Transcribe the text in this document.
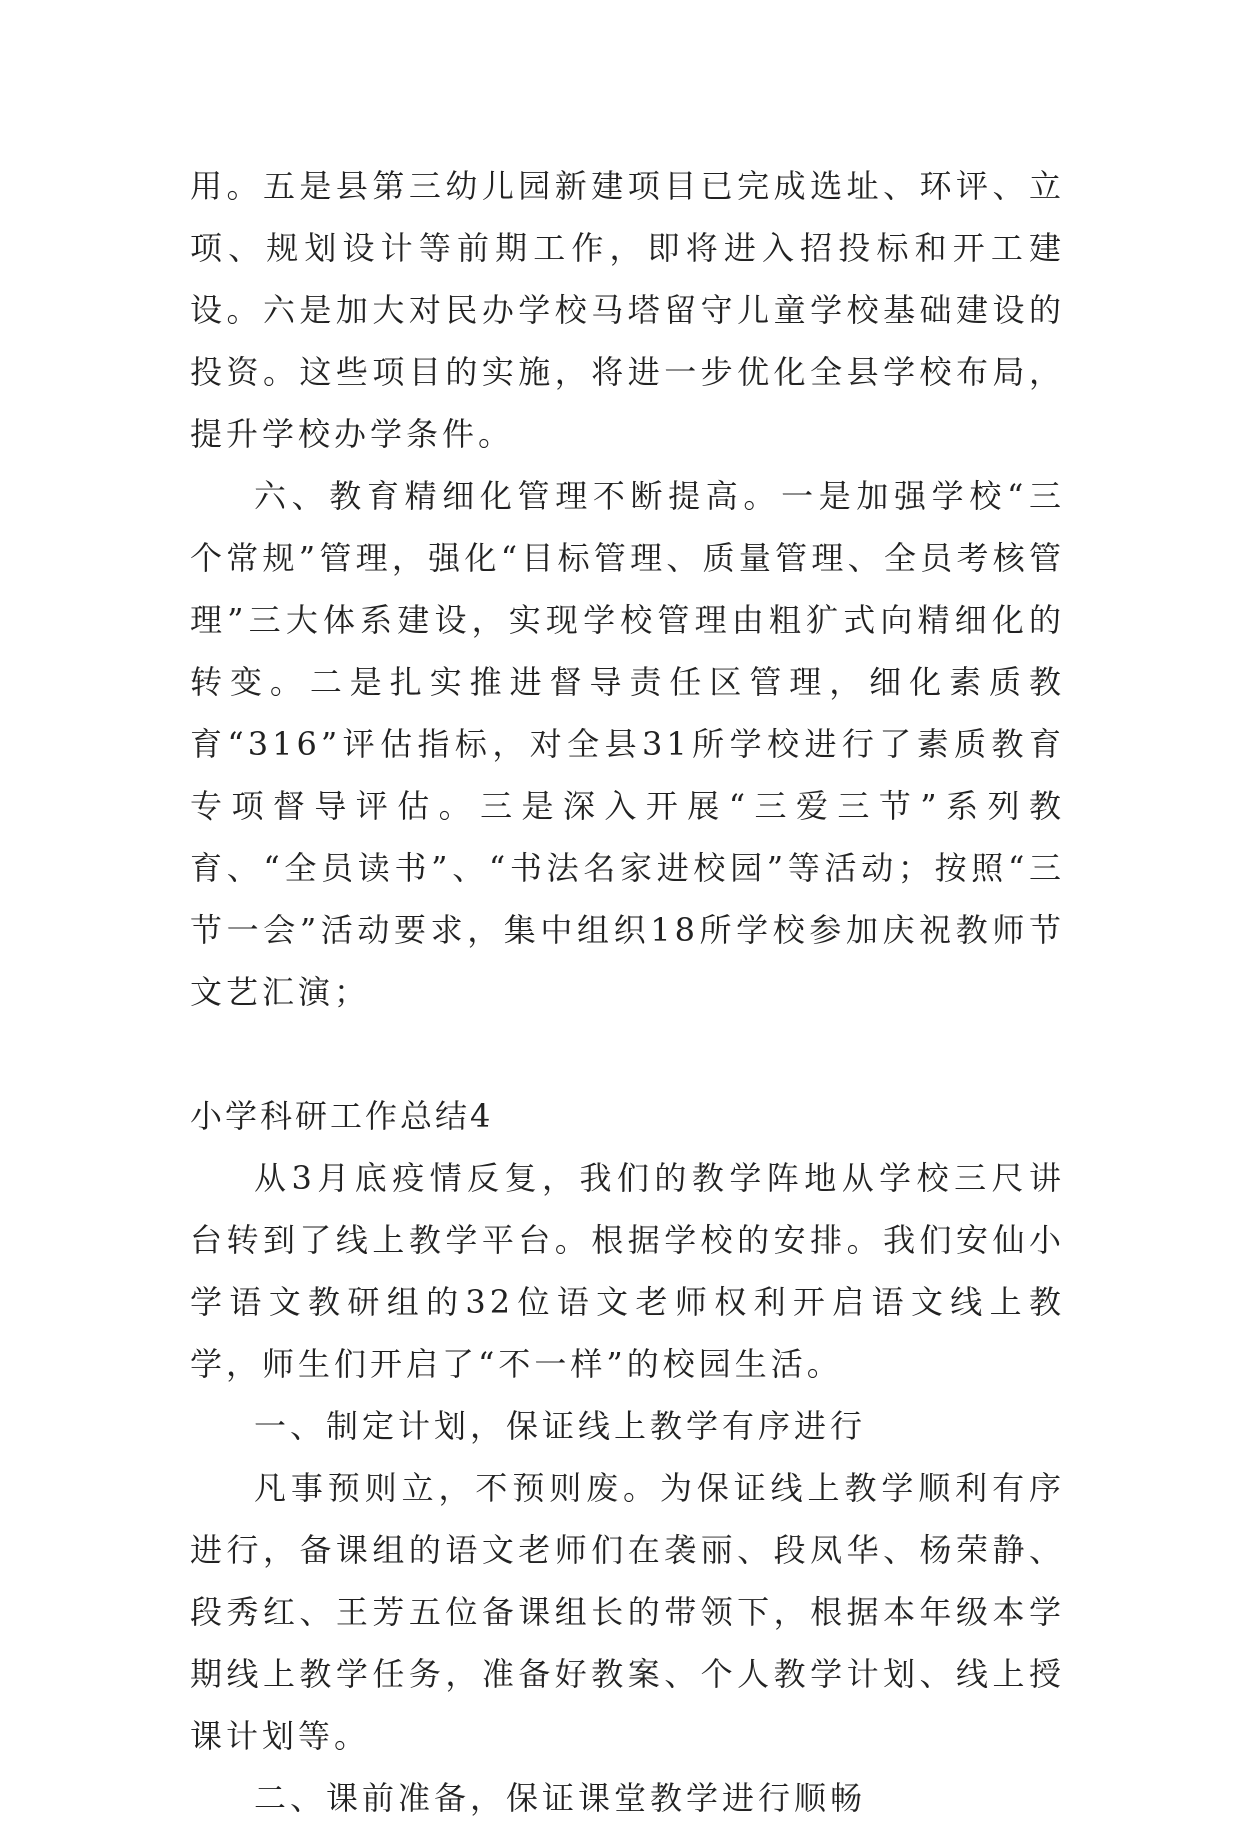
用。五是县第三幼儿园新建项目已完成选址、环评、立项、规划设计等前期工作，即将进入招投标和开工建设。六是加大对民办学校马塔留守儿童学校基础建设的投资。这些项目的实施，将进一步优化全县学校布局，提升学校办学条件。

六、教育精细化管理不断提高。一是加强学校“三个常规”管理，强化“目标管理、质量管理、全员考核管理”三大体系建设，实现学校管理由粗犷式向精细化的转变。二是扎实推进督导责任区管理，细化素质教育“316”评估指标，对全县31所学校进行了素质教育专项督导评估。三是深入开展“三爱三节”系列教育、“全员读书”、“书法名家进校园”等活动；按照“三节一会”活动要求，集中组织18所学校参加庆祝教师节文艺汇演；

小学科研工作总结4

从3月底疫情反复，我们的教学阵地从学校三尺讲台转到了线上教学平台。根据学校的安排。我们安仙小学语文教研组的32位语文老师权利开启语文线上教学，师生们开启了“不一样”的校园生活。

一、制定计划，保证线上教学有序进行

凡事预则立，不预则废。为保证线上教学顺利有序进行，备课组的语文老师们在袭丽、段凤华、杨荣静、段秀红、王芳五位备课组长的带领下，根据本年级本学期线上教学任务，准备好教案、个人教学计划、线上授课计划等。

二、课前准备，保证课堂教学进行顺畅
